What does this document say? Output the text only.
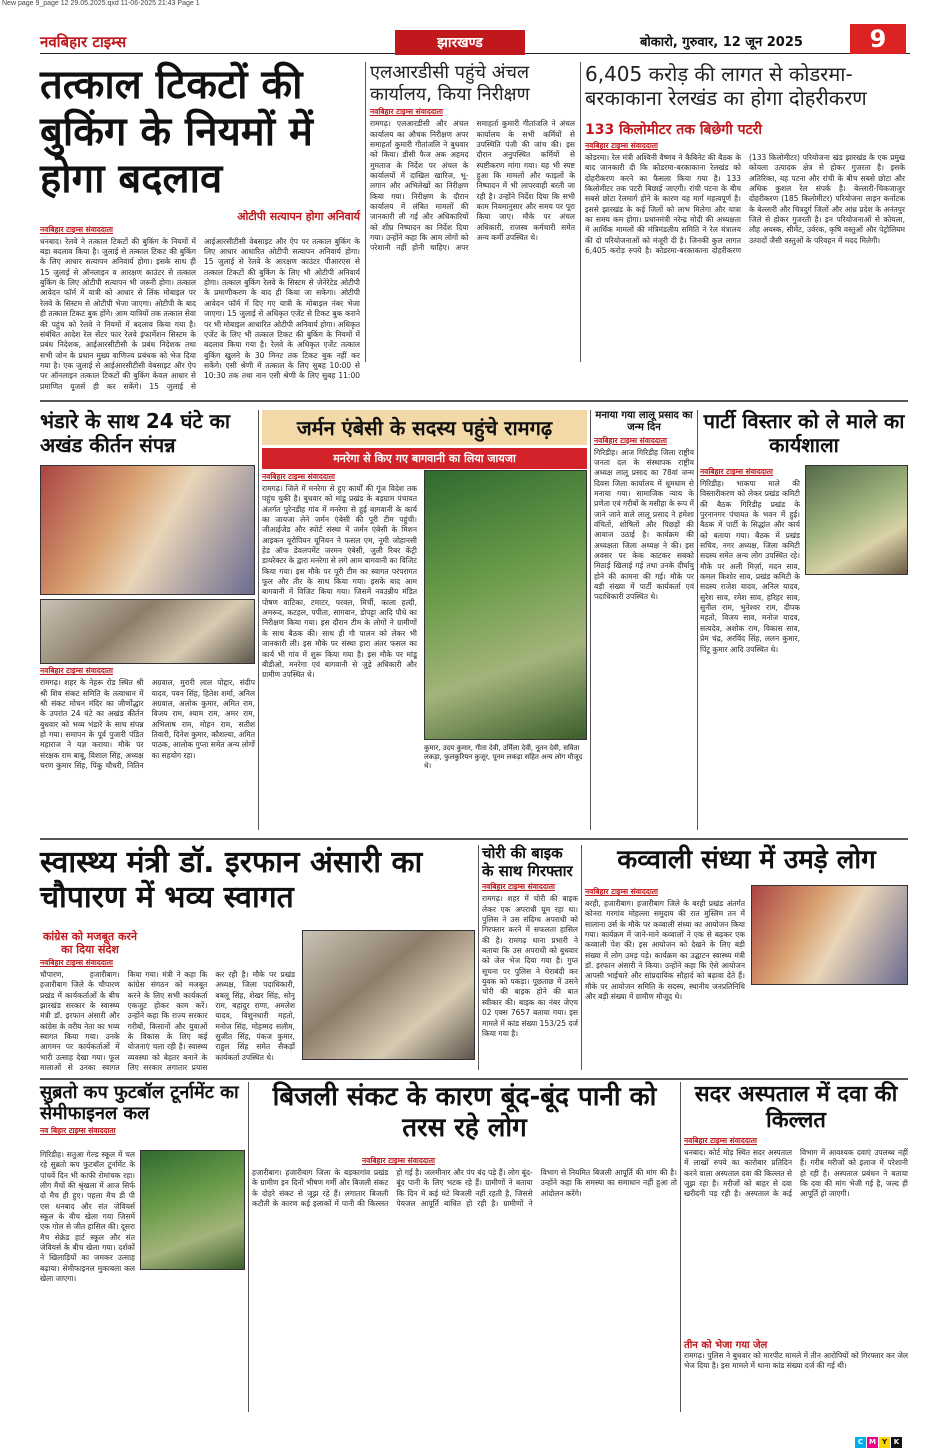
New page 9_page 12 29.05.2025.qxd 11-06-2025 21:43 Page 1
नवबिहार टाइम्स	झारखण्ड	बोकारो, गुरुवार, 12 जून 2025	9
तत्काल टिकटों की बुकिंग के नियमों में होगा बदलाव
ओटीपी सत्यापन होगा अनिवार्य
नवबिहार टाइम्स संवाददाता
धनबाद। रेलवे ने तत्काल टिकटों की बुकिंग के नियमों में बड़ा बदलाव किया है। जुलाई से तत्काल टिकट की बुकिंग के लिए आधार सत्यापन अनिवार्य होगा। इसके साथ ही 15 जुलाई से ऑनलाइन व आरक्षण काउंटर से तत्काल बुकिंग के लिए ओटीपी सत्यापन भी जरूरी होगा। तत्काल आवेदन फॉर्म में यात्री को आधार से लिंक मोबाइल पर रेलवे के सिस्टम से ओटीपी भेजा जाएगा। ओटीपी के बाद ही तत्काल टिकट बुक होंगे। आम यात्रियों तक तत्काल सेवा की पहुंच को रेलवे ने नियमों में बदलाव किया गया है। संबंधित आदेश रेल सेंटर फार रेलवे इंफार्मेशन सिस्टम के प्रबंध निदेशक, आईआरसीटीसी के प्रबंध निदेशक तथा सभी जोन के प्रधान मुख्य वाणिज्य प्रबंधक को भेज दिया गया है। एक जुलाई से आईआरसीटीसी वेबसाइट और ऐप पर ऑनलाइन तत्काल टिकटों की बुकिंग केवल आधार से प्रमाणित यूजर्स ही कर सकेंगे। 15 जुलाई से आईआरसीटीसी वेबसाइट और ऐप पर तत्काल बुकिंग के लिए आधार आधारित ओटीपी सत्यापन अनिवार्य होगा। 15 जुलाई से रेलवे के आरक्षण काउंटर पीआरएस से तत्काल टिकटों की बुकिंग के लिए भी ओटीपी अनिवार्य होगा। तत्काल बुकिंग रेलवे के सिस्टम से जेनेरेटेड ओटीपी के प्रमाणीकरण के बाद ही किया जा सकेगा। ओटीपी आवेदन फॉर्म में दिए गए यात्री के मोबाइल नंबर भेजा जाएगा। 15 जुलाई से अधिकृत एजेंट से टिकट बुक कराने पर भी मोबाइल आधारित ओटीपी अनिवार्य होगा। अधिकृत एजेंट के लिए भी तत्काल टिकट की बुकिंग के नियमों में बदलाव किया गया है। रेलवे के अधिकृत एजेंट तत्काल बुकिंग खुलने के 30 मिनट तक टिकट बुक नहीं कर सकेंगे। एसी श्रेणी में तत्काल के लिए सुबह 10:00 से 10:30 तक तथा नान एसी श्रेणी के लिए सुबह 11:00
एलआरडीसी पहुंचे अंचल कार्यालय, किया निरीक्षण
नवबिहार टाइम्स संवाददाता
रामगढ़। एलआरडीसी और अंचल कार्यालय का औचक निरीक्षण अपर समाहर्ता कुमारी गीतांजलि ने बुधवार को किया। डीसी फैज अक अहमद मुमताज के निर्देश पर अंचल के कार्यालयों में दाखिल खारिज, भू-लगान और अभिलेखों का निरीक्षण किया गया। निरीक्षण के दौरान कार्यालय में लंबित मामलों की जानकारी ली गई और अधिकारियों को शीघ्र निष्पादन का निर्देश दिया गया। उन्होंने कहा कि आम लोगों को परेशानी नहीं होनी चाहिए। अपर समाहर्ता कुमारी गीतांजलि ने अंचल कार्यालय के सभी कर्मियों से उपस्थिति पंजी की जांच की। इस दौरान अनुपस्थित कर्मियों से स्पष्टीकरण मांगा गया। यह भी स्पष्ट हुआ कि मामलों और फाइलों के निष्पादन में भी लापरवाही बरती जा रही है। उन्होंने निर्देश दिया कि सभी काम नियमानुसार और समय पर पूरा किया जाए। मौके पर अंचल अधिकारी, राजस्व कर्मचारी समेत अन्य कर्मी उपस्थित थे।
6,405 करोड़ की लागत से कोडरमा-बरकाकाना रेलखंड का होगा दोहरीकरण
133 किलोमीटर तक बिछेगी पटरी
नवबिहार टाइम्स संवाददाता
कोडरमा। रेल मंत्री अश्विनी वैष्णव ने कैबिनेट की बैठक के बाद जानकारी दी कि कोडरमा-बरकाकाना रेलखंड को दोहरीकरण करने का फैसला किया गया है। 133 किलोमीटर तक पटरी बिछाई जाएगी। रांची पटना के बीच सबसे छोटा रेलमार्ग होने के कारण यह मार्ग महत्वपूर्ण है। इससे झारखंड के कई जिलों को लाभ मिलेगा और यात्रा का समय कम होगा। प्रधानमंत्री नरेन्द्र मोदी की अध्यक्षता में आर्थिक मामलों की मंत्रिमंडलीय समिति ने रेल मंत्रालय की दो परियोजनाओं को मंजूरी दी है। जिनकी कुल लागत 6,405 करोड़ रुपये है। कोडरमा-बरकाकाना दोहरीकरण (133 किलोमीटर) परियोजना खंड झारखंड के एक प्रमुख कोयला उत्पादक क्षेत्र से होकर गुजरता है। इसके अतिरिक्त, यह पटना और रांची के बीच सबसे छोटा और अधिक कुशल रेल संपर्क है। बेल्लारी-चिकजाजुर दोहरीकरण (185 किलोमीटर) परियोजना लाइन कर्नाटक के बेल्लारी और चित्रदुर्ग जिलों और आंध्र प्रदेश के अनंतपुर जिले से होकर गुजरती है। इन परियोजनाओं से कोयला, लौह अयस्क, सीमेंट, उर्वरक, कृषि वस्तुओं और पेट्रोलियम उत्पादों जैसी वस्तुओं के परिवहन में मदद मिलेगी।
भंडारे के साथ 24 घंटे का अखंड कीर्तन संपन्न
नवबिहार टाइम्स संवाददाता
रामगढ़। शहर के नेहरू रोड स्थित श्री श्री शिव संकट समिति के तत्वाधान में श्री संकट मोचन मंदिर का जीर्णोद्धार के उपरांत 24 घंटे का अखंड कीर्तन बुधवार को भव्य भंडारे के साथ संपन्न हो गया। समापन के पूर्व पुजारी पंडित महाराज ने यज्ञ कराया। मौके पर संरक्षक राम बाबू, विशाल सिंह, अध्यक्ष चरण कुमार सिंह, पिंकू चौधरी, नितिन अग्रवाल, मुरारी लाल पोद्दार, संदीप यादव, पवन सिंह, हितेश शर्मा, अनिल अग्रवाल, अलोक कुमार, अमित राम, विजय राम, श्याम राम, अमर राम, अभिलाष राम, मोहन राम, सतीश तिवारी, दिनेश कुमार, कौशल्या, अमित पाठक, आलोक गुप्ता समेत अन्य लोगों का सहयोग रहा।
जर्मन एंबेसी के सदस्य पहुंचे रामगढ़
मनरेगा से किए गए बागवानी का लिया जायजा
नवबिहार टाइम्स संवाददाता
रामगढ़। जिले में मनरेगा से हुए कार्यों की गूंज विदेश तक पहुंच चुकी है। बुधवार को मांडू प्रखंड के बड़ग्राम पंचायत अंतर्गत पुरेनडीह गांव में मनरेगा से हुई बागवानी के कार्य का जायजा लेने जर्मन एंबेसी की पूरी टीम पहुंची। जीआईजेड और स्पोर्ट संस्था में जर्मन एंबेसी के मिशन आइकन यूरोपियन यूनियन ने फसल एम, नूमी जोहानसी हेड ऑफ डेवलपमेंट जरमन एंबेसी, जुली रिबर केंट्री डायरेक्टर के द्वारा मनरेगा से लगे आम बागवानी का विजिट किया गया। इस मौके पर पूरी टीम का स्वागत परंपरागत फूल और तीर के साथ किया गया। इसके बाद आम बागवानी में विजिट किया गया। जिसमें नवउन्नीय मंडित पोषण वाटिका, टमाटर, परवल, मिर्ची, काला हल्दी, अमरूद, कटहल, पपीता, सागवान, डोपट्टा आदि पौधे का निरीक्षण किया गया। इस दौरान टीम के लोगों ने ग्रामीणों के साथ बैठक की। साथ ही गौ पालन को लेकर भी जानकारी ली। इस मौके पर संस्था हारा अंतर फसल का कार्य भी गांव में शुरू किया गया है। इस मौके पर मांडू बीडीओ, मनरेगा एवं बागवानी से जुड़े अधिकारी और ग्रामीण उपस्थित थे।
कुमार, उदय कुमार, गीता देवी, उर्मिला देवी, नूतन देवी, सविता लकड़ा, फुलकुरियन कुजूर, पूनम लकड़ा सहित अन्य लोग मौजूद थे।
मनाया गया लालू प्रसाद का जन्म दिन
नवबिहार टाइम्स संवाददाता
गिरिडीह। आज गिरिडीह जिला राष्ट्रीय जनता दल के संस्थापक राष्ट्रीय अध्यक्ष लालू प्रसाद का 78वां जन्म दिवस जिला कार्यालय में धूमधाम से मनाया गया। सामाजिक न्याय के प्रणेता एवं गरीबों के मसीहा के रूप में जाने जाने वाले लालू प्रसाद ने हमेशा वंचितों, शोषितों और पिछड़ों की आवाज उठाई है। कार्यक्रम की अध्यक्षता जिला अध्यक्ष ने की। इस अवसर पर केक काटकर सबको मिठाई खिलाई गई तथा उनके दीर्घायु होने की कामना की गई। मौके पर बड़ी संख्या में पार्टी कार्यकर्ता एवं पदाधिकारी उपस्थित थे।
पार्टी विस्तार को ले माले का कार्यशाला
नवबिहार टाइम्स संवाददाता
गिरिडीह। भाकपा माले की विस्तारीकरण को लेकर प्रखंड कमिटी की बैठक गिरिडीह प्रखंड के पुरनानगर पंचायत के भवन में हुई। बैठक में पार्टी के सिद्धांत और कार्य को बताया गया। बैठक में प्रखंड सचिव, नगर अध्यक्ष, जिला कमिटी सदस्य समेत अन्य लोग उपस्थित रहे। मौके पर अली मिर्ज़ा, मदन साव, कमल किशोर साव, प्रखंड कमिटी के सदस्य राजेश यादव, अनिल यादव, सुरेश साव, रमेश साव, हरिहर साव, सुनील राम, भुनेश्वर राम, दीपक महतो, विजय साव, मनोज यादव, सत्यदेव, अशोक राम, विकास साव, प्रेम चंद्र, अरविंद सिंह, ललन कुमार, पिंटू कुमार आदि उपस्थित थे।
स्वास्थ्य मंत्री डॉ. इरफान अंसारी का चौपारण में भव्य स्वागत
कांग्रेस को मजबूत करने का दिया संदेश
नवबिहार टाइम्स संवाददाता
चौपारण, हजारीबाग। हजारीबाग जिले के चौपारण प्रखंड में कार्यकर्ताओं के बीच झारखंड सरकार के स्वास्थ्य मंत्री डॉ. इरफान अंसारी और कांग्रेस के वरीय नेता का भव्य स्वागत किया गया। उनके आगमन पर कार्यकर्ताओं में भारी उत्साह देखा गया। फूल मालाओं से उनका स्वागत किया गया। मंत्री ने कहा कि कांग्रेस संगठन को मजबूत करने के लिए सभी कार्यकर्ता एकजुट होकर काम करें। उन्होंने कहा कि राज्य सरकार गरीबों, किसानों और युवाओं के विकास के लिए कई योजनाएं चला रही है। स्वास्थ्य व्यवस्था को बेहतर बनाने के लिए सरकार लगातार प्रयास कर रही है। मौके पर प्रखंड अध्यक्ष, जिला पदाधिकारी, बबलू सिंह, शेखर सिंह, सोनू राम, बहादुर राणा, अमलेश यादव, विशुनधारी महतो, मनोज सिंह, मोहम्मद सलीम, सुजीत सिंह, पंकज कुमार, राहुल सिंह समेत सैकड़ों कार्यकर्ता उपस्थित थे।
चोरी की बाइक के साथ गिरफ्तार
नवबिहार टाइम्स संवाददाता
रामगढ़। शहर में चोरी की बाइक लेकर एक अपराधी घूम रहा था। पुलिस ने उस संदिग्ध अपराधी को गिरफ्तार करने में सफलता हासिल की है। रामगढ़ थाना प्रभारी ने बताया कि उस अपराधी को बुधवार को जेल भेज दिया गया है। गुप्त सूचना पर पुलिस ने घेराबंदी कर युवक को पकड़ा। पूछताछ में उसने चोरी की बाइक होने की बात स्वीकार की। बाइक का नंबर जेएच 02 एक्स 7657 बताया गया। इस मामले में कांड संख्या 153/25 दर्ज किया गया है।
कव्वाली संध्या में उमड़े लोग
नवबिहार टाइम्स संवाददाता
बरही, हजारीबाग। हजारीबाग जिले के बरही प्रखंड अंतर्गत कोनरा गरगांव मोहल्ला समुदाय की रात मुस्लिम तन में सालाना उर्स के मौके पर कव्वाली संध्या का आयोजन किया गया। कार्यक्रम में जाने-माने कव्वालों ने एक से बढ़कर एक कव्वाली पेश की। इस आयोजन को देखने के लिए बड़ी संख्या में लोग उमड़ पड़े। कार्यक्रम का उद्घाटन स्वास्थ्य मंत्री डॉ. इरफान अंसारी ने किया। उन्होंने कहा कि ऐसे आयोजन आपसी भाईचारे और सांप्रदायिक सौहार्द को बढ़ावा देते हैं। मौके पर आयोजन समिति के सदस्य, स्थानीय जनप्रतिनिधि और बड़ी संख्या में ग्रामीण मौजूद थे।
सुब्रतो कप फुटबॉल टूर्नामेंट का सेमीफाइनल कल
नव बिहार टाइम्स संवाददाता
गिरिडीह। सतुआ गेल्ड स्कूल में चल रहे सुब्रतो कप फुटबॉल टूर्नामेंट के पांचवें दिन भी काफी रोमांचक रहा। लीग मैचों की श्रृंखला में आज सिर्फ दो मैच ही हुए। पहला मैच डी पी एस धनबाद और संत जेवियर्स स्कूल के बीच खेला गया जिसमें एक गोल से जीत हासिल की। दूसरा मैच सेक्रेड हार्ट स्कूल और संत जेवियर्स के बीच खेला गया। दर्शकों ने खिलाड़ियों का जमकर उत्साह बढ़ाया। सेमीफाइनल मुकाबला कल खेला जाएगा।
बिजली संकट के कारण बूंद-बूंद पानी को तरस रहे लोग
नवबिहार टाइम्स संवाददाता
हजारीबाग। हजारीबाग जिला के बड़कागांव प्रखंड के ग्रामीण इन दिनों भीषण गर्मी और बिजली संकट के दोहरे संकट से जूझ रहे हैं। लगातार बिजली कटौती के कारण कई इलाकों में पानी की किल्लत हो गई है। जलमीनार और पंप बंद पड़े हैं। लोग बूंद-बूंद पानी के लिए भटक रहे हैं। ग्रामीणों ने बताया कि दिन में कई घंटे बिजली नहीं रहती है, जिससे पेयजल आपूर्ति बाधित हो रही है। ग्रामीणों ने विभाग से नियमित बिजली आपूर्ति की मांग की है। उन्होंने कहा कि समस्या का समाधान नहीं हुआ तो आंदोलन करेंगे।
सदर अस्पताल में दवा की किल्लत
नवबिहार टाइम्स संवाददाता
धनबाद। कोर्ट मोड़ स्थित सदर अस्पताल में लाखों रुपये का कारोबार प्रतिदिन करने वाला अस्पताल दवा की किल्लत से जूझ रहा है। मरीजों को बाहर से दवा खरीदनी पड़ रही है। अस्पताल के कई विभाग में आवश्यक दवाएं उपलब्ध नहीं हैं। गरीब मरीजों को इलाज में परेशानी हो रही है। अस्पताल प्रबंधन ने बताया कि दवा की मांग भेजी गई है, जल्द ही आपूर्ति हो जाएगी।
तीन को भेजा गया जेल
रामगढ़। पुलिस ने बुधवार को मारपीट मामले में तीन आरोपियों को गिरफ्तार कर जेल भेज दिया है। इस मामले में थाना कांड संख्या दर्ज की गई थी।
C M Y K
